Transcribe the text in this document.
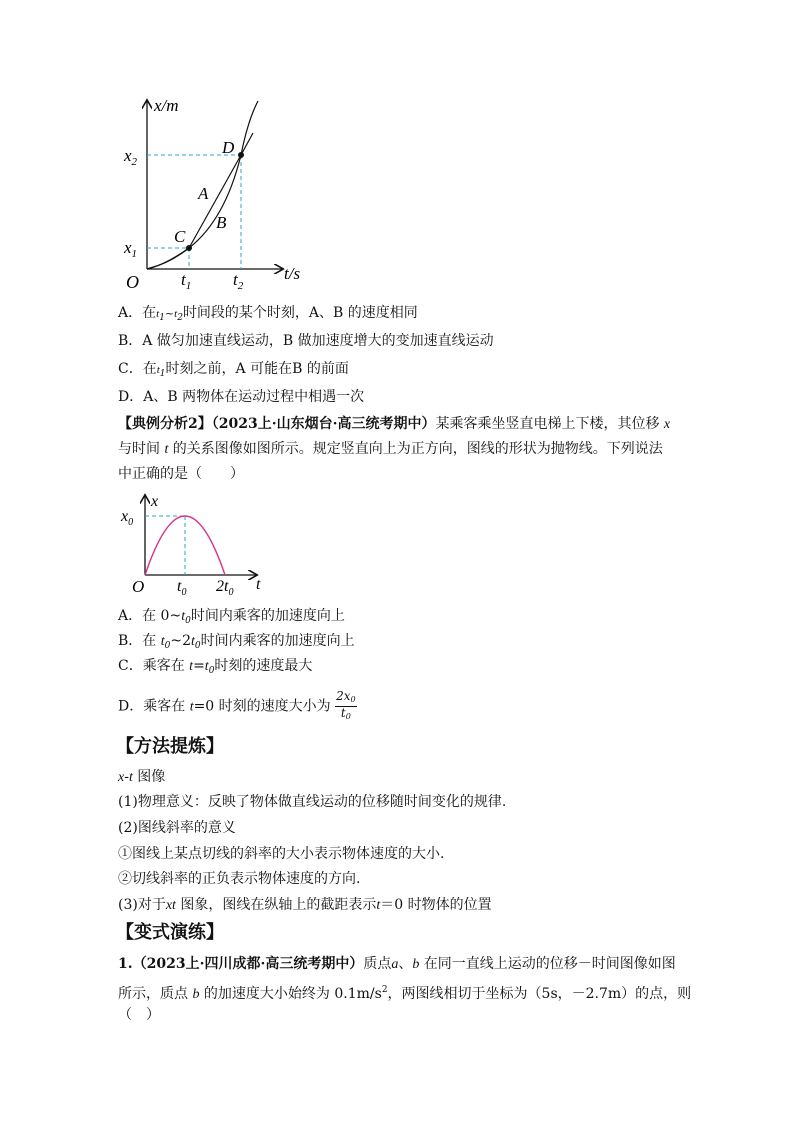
x/m
t/s
O
$x_2$
$x_1$
$t_1$ $t_2$
C
D
A
B
A．在$t_1\sim t_2$时间段的某个时刻，A、B 的速度相同
B．A 做匀加速直线运动，B 做加速度增大的变加速直线运动
C．在$t_1$时刻之前，A 可能在B 的前面
D．A、B 两物体在运动过程中相遇一次
【典例分析2】（2023上·山东烟台·高三统考期中）某乘客乘坐竖直电梯上下楼，其位移 x
与时间 t 的关系图像如图所示。规定竖直向上为正方向，图线的形状为抛物线。下列说法
中正确的是（　　）
x
$x_0$
O $t_0$ $2t_0$ t
A．在 $0\sim t_0$时间内乘客的加速度向上
B．在 $t_0\sim 2t_0$时间内乘客的加速度向上
C．乘客在 $t=t_0$时刻的速度最大
D．乘客在 t=0 时刻的速度大小为 $\frac{2x0}{t0}$
【方法提炼】
x-t 图像
(1)物理意义：反映了物体做直线运动的位移随时间变化的规律.
(2)图线斜率的意义
①图线上某点切线的斜率的大小表示物体速度的大小.
②切线斜率的正负表示物体速度的方向.
(3)对于xt 图象，图线在纵轴上的截距表示t＝0 时物体的位置
【变式演练】
1.（2023上·四川成都·高三统考期中）质点a、b 在同一直线上运动的位移－时间图像如图
所示，质点 b 的加速度大小始终为 $0.1m/s^2$，两图线相切于坐标为（5s，－2.7m）的点，则
（　）
